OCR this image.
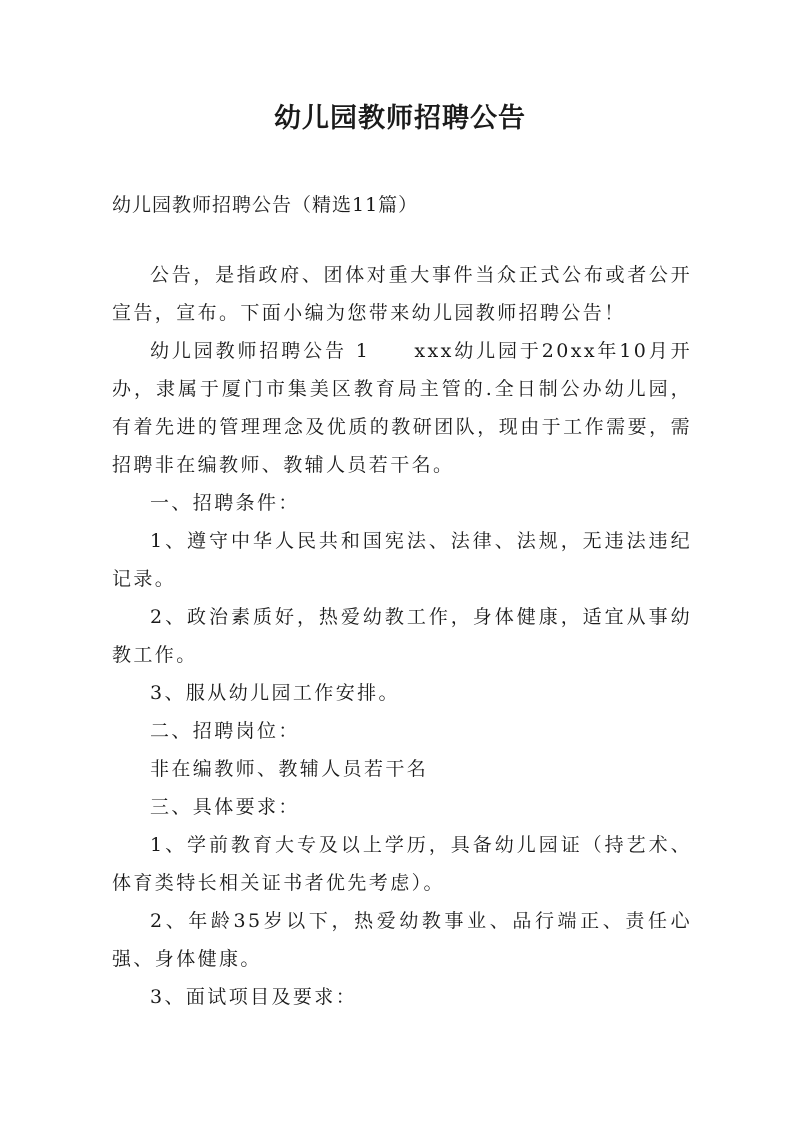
幼儿园教师招聘公告

幼儿园教师招聘公告（精选11篇）

公告，是指政府、团体对重大事件当众正式公布或者公开宣告，宣布。下面小编为您带来幼儿园教师招聘公告！

幼儿园教师招聘公告 1　　xxx幼儿园于20xx年10月开办，隶属于厦门市集美区教育局主管的.全日制公办幼儿园，有着先进的管理理念及优质的教研团队，现由于工作需要，需招聘非在编教师、教辅人员若干名。

一、招聘条件：

1、遵守中华人民共和国宪法、法律、法规，无违法违纪记录。

2、政治素质好，热爱幼教工作，身体健康，适宜从事幼教工作。

3、服从幼儿园工作安排。

二、招聘岗位：

非在编教师、教辅人员若干名

三、具体要求：

1、学前教育大专及以上学历，具备幼儿园证（持艺术、体育类特长相关证书者优先考虑）。

2、年龄35岁以下，热爱幼教事业、品行端正、责任心强、身体健康。

3、面试项目及要求：
